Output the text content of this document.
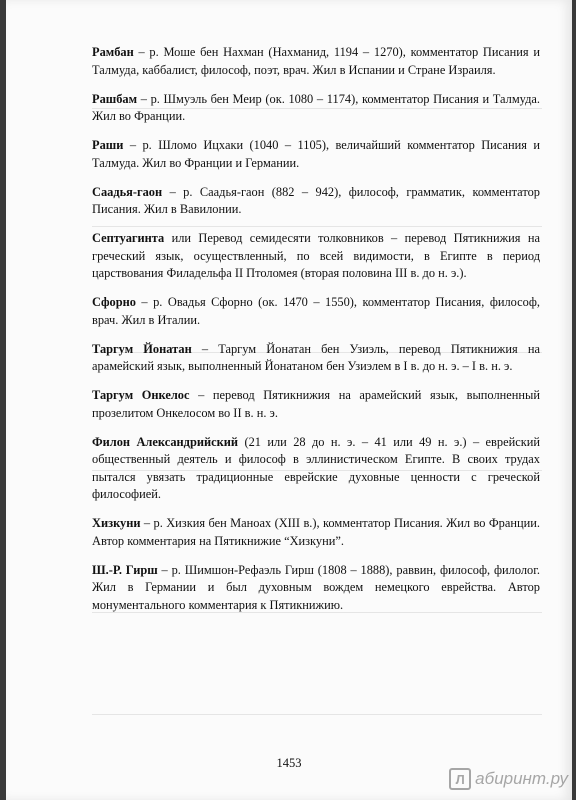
Рамбан – р. Моше бен Нахман (Нахманид, 1194 – 1270), комментатор Писания и Талмуда, каббалист, философ, поэт, врач. Жил в Испании и Стране Израиля.

Рашбам – р. Шмуэль бен Меир (ок. 1080 – 1174), комментатор Писания и Талмуда. Жил во Франции.

Раши – р. Шломо Ицхаки (1040 – 1105), величайший комментатор Писания и Талмуда. Жил во Франции и Германии.

Саадья-гаон – р. Саадья-гаон (882 – 942), философ, грамматик, комментатор Писания. Жил в Вавилонии.

Септуагинта или Перевод семидесяти толковников – перевод Пятикнижия на греческий язык, осуществленный, по всей видимости, в Египте в период царствования Филадельфа II Птоломея (вторая половина III в. до н. э.).

Сфорно – р. Овадья Сфорно (ок. 1470 – 1550), комментатор Писания, философ, врач. Жил в Италии.

Таргум Йонатан – Таргум Йонатан бен Узиэль, перевод Пятикнижия на арамейский язык, выполненный Йонатаном бен Узиэлем в I в. до н. э. – I в. н. э.

Таргум Онкелос – перевод Пятикнижия на арамейский язык, выполненный прозелитом Онкелосом во II в. н. э.

Филон Александрийский (21 или 28 до н. э. – 41 или 49 н. э.) – еврейский общественный деятель и философ в эллинистическом Египте. В своих трудах пытался увязать традиционные еврейские духовные ценности с греческой философией.

Хизкуни – р. Хизкия бен Маноах (XIII в.), комментатор Писания. Жил во Франции. Автор комментария на Пятикнижие “Хизкуни”.

Ш.-Р. Гирш – р. Шимшон-Рефаэль Гирш (1808 – 1888), раввин, философ, филолог. Жил в Германии и был духовным вождем немецкого еврейства. Автор монументального комментария к Пятикнижию.

1453
Л абиринт.ру
